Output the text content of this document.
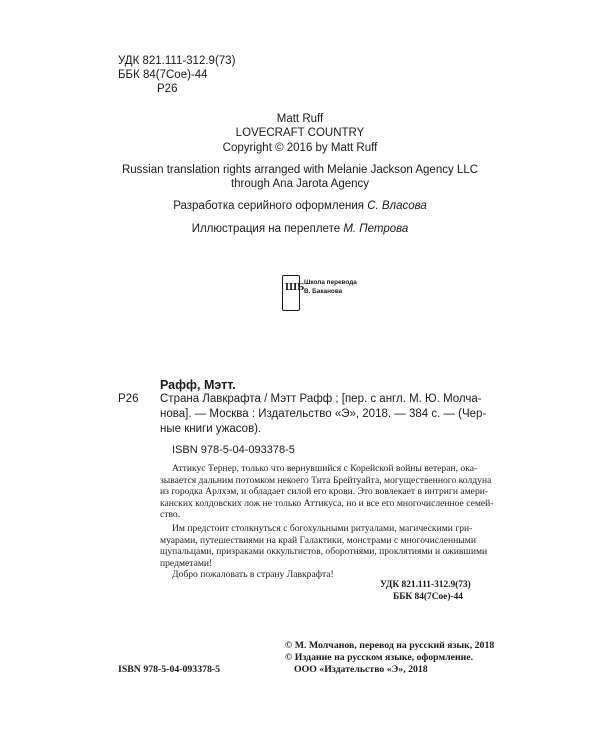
УДК 821.111-312.9(73)
ББК 84(7Сое)-44
Р26
Matt Ruff
LOVECRAFT COUNTRY
Copyright © 2016 by Matt Ruff
Russian translation rights arranged with Melanie Jackson Agency LLC
through Ana Jarota Agency
Разработка серийного оформления С. Власова
Иллюстрация на переплете М. Петрова
ШБ Школа перевода
В. Баканова
Рафф, Мэтт.
Р26 Страна Лавкрафта / Мэтт Рафф ; [пер. с англ. М. Ю. Молча-
нова]. — Москва : Издательство «Э», 2018. — 384 с. — (Чер-
ные книги ужасов).
ISBN 978-5-04-093378-5
Аттикус Тернер, только что вернувшийся с Корейской войны ветеран, ока-
зывается дальним потомком некоего Тита Брейтуайта, могущественного колдуна
из городка Арлхэм, и обладает силой его крови. Это вовлекает в интриги амери-
канских колдовских лож не только Аттикуса, но и все его многочисленное семей-
ство.
Им предстоит столкнуться с богохульными ритуалами, магическими гри-
муарами, путешествиями на край Галактики, монстрами с многочисленными
щупальцами, призраками оккультистов, оборотнями, проклятиями и ожившими
предметами!
Добро пожаловать в страну Лавкрафта!
УДК 821.111-312.9(73)
ББК 84(7Сое)-44
© М. Молчанов, перевод на русский язык, 2018
© Издание на русском языке, оформление.
ООО «Издательство «Э», 2018
ISBN 978-5-04-093378-5
